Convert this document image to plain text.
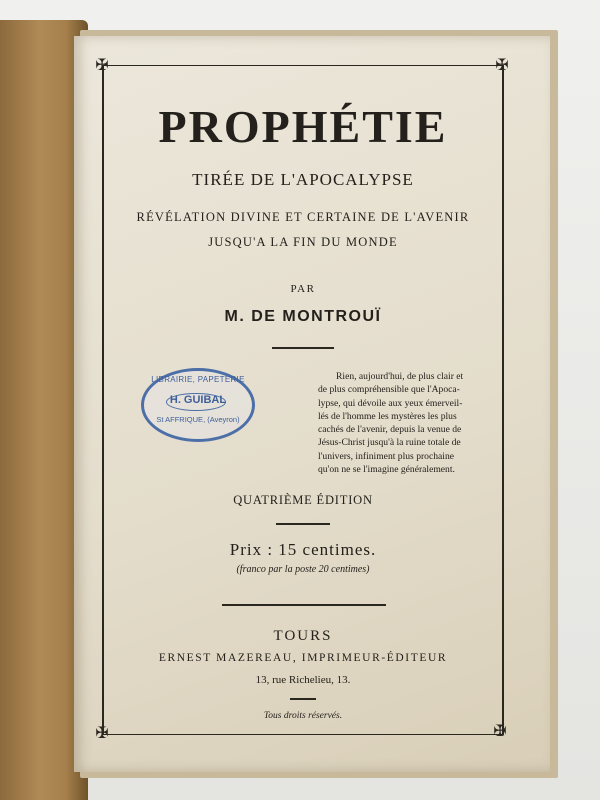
✠	✠
✠	✠
PROPHÉTIE
TIRÉE DE L'APOCALYPSE
RÉVÉLATION DIVINE ET CERTAINE DE L'AVENIR
JUSQU'A LA FIN DU MONDE
PAR
M. DE MONTROUÏ
LIBRAIRIE, PAPETERIE
H. GUIBAL
St AFFRIQUE, (Aveyron)
Rien, aujourd'hui, de plus clair et
de plus compréhensible que l'Apoca-
lypse, qui dévoile aux yeux émerveil-
lés de l'homme les mystères les plus
cachés de l'avenir, depuis la venue de
Jésus-Christ jusqu'à la ruine totale de
l'univers, infiniment plus prochaine
qu'on ne se l'imagine généralement.
QUATRIÈME ÉDITION
Prix : 15 centimes.
(franco par la poste 20 centimes)
TOURS
ERNEST MAZEREAU, IMPRIMEUR-ÉDITEUR
13, rue Richelieu, 13.
Tous droits réservés.
